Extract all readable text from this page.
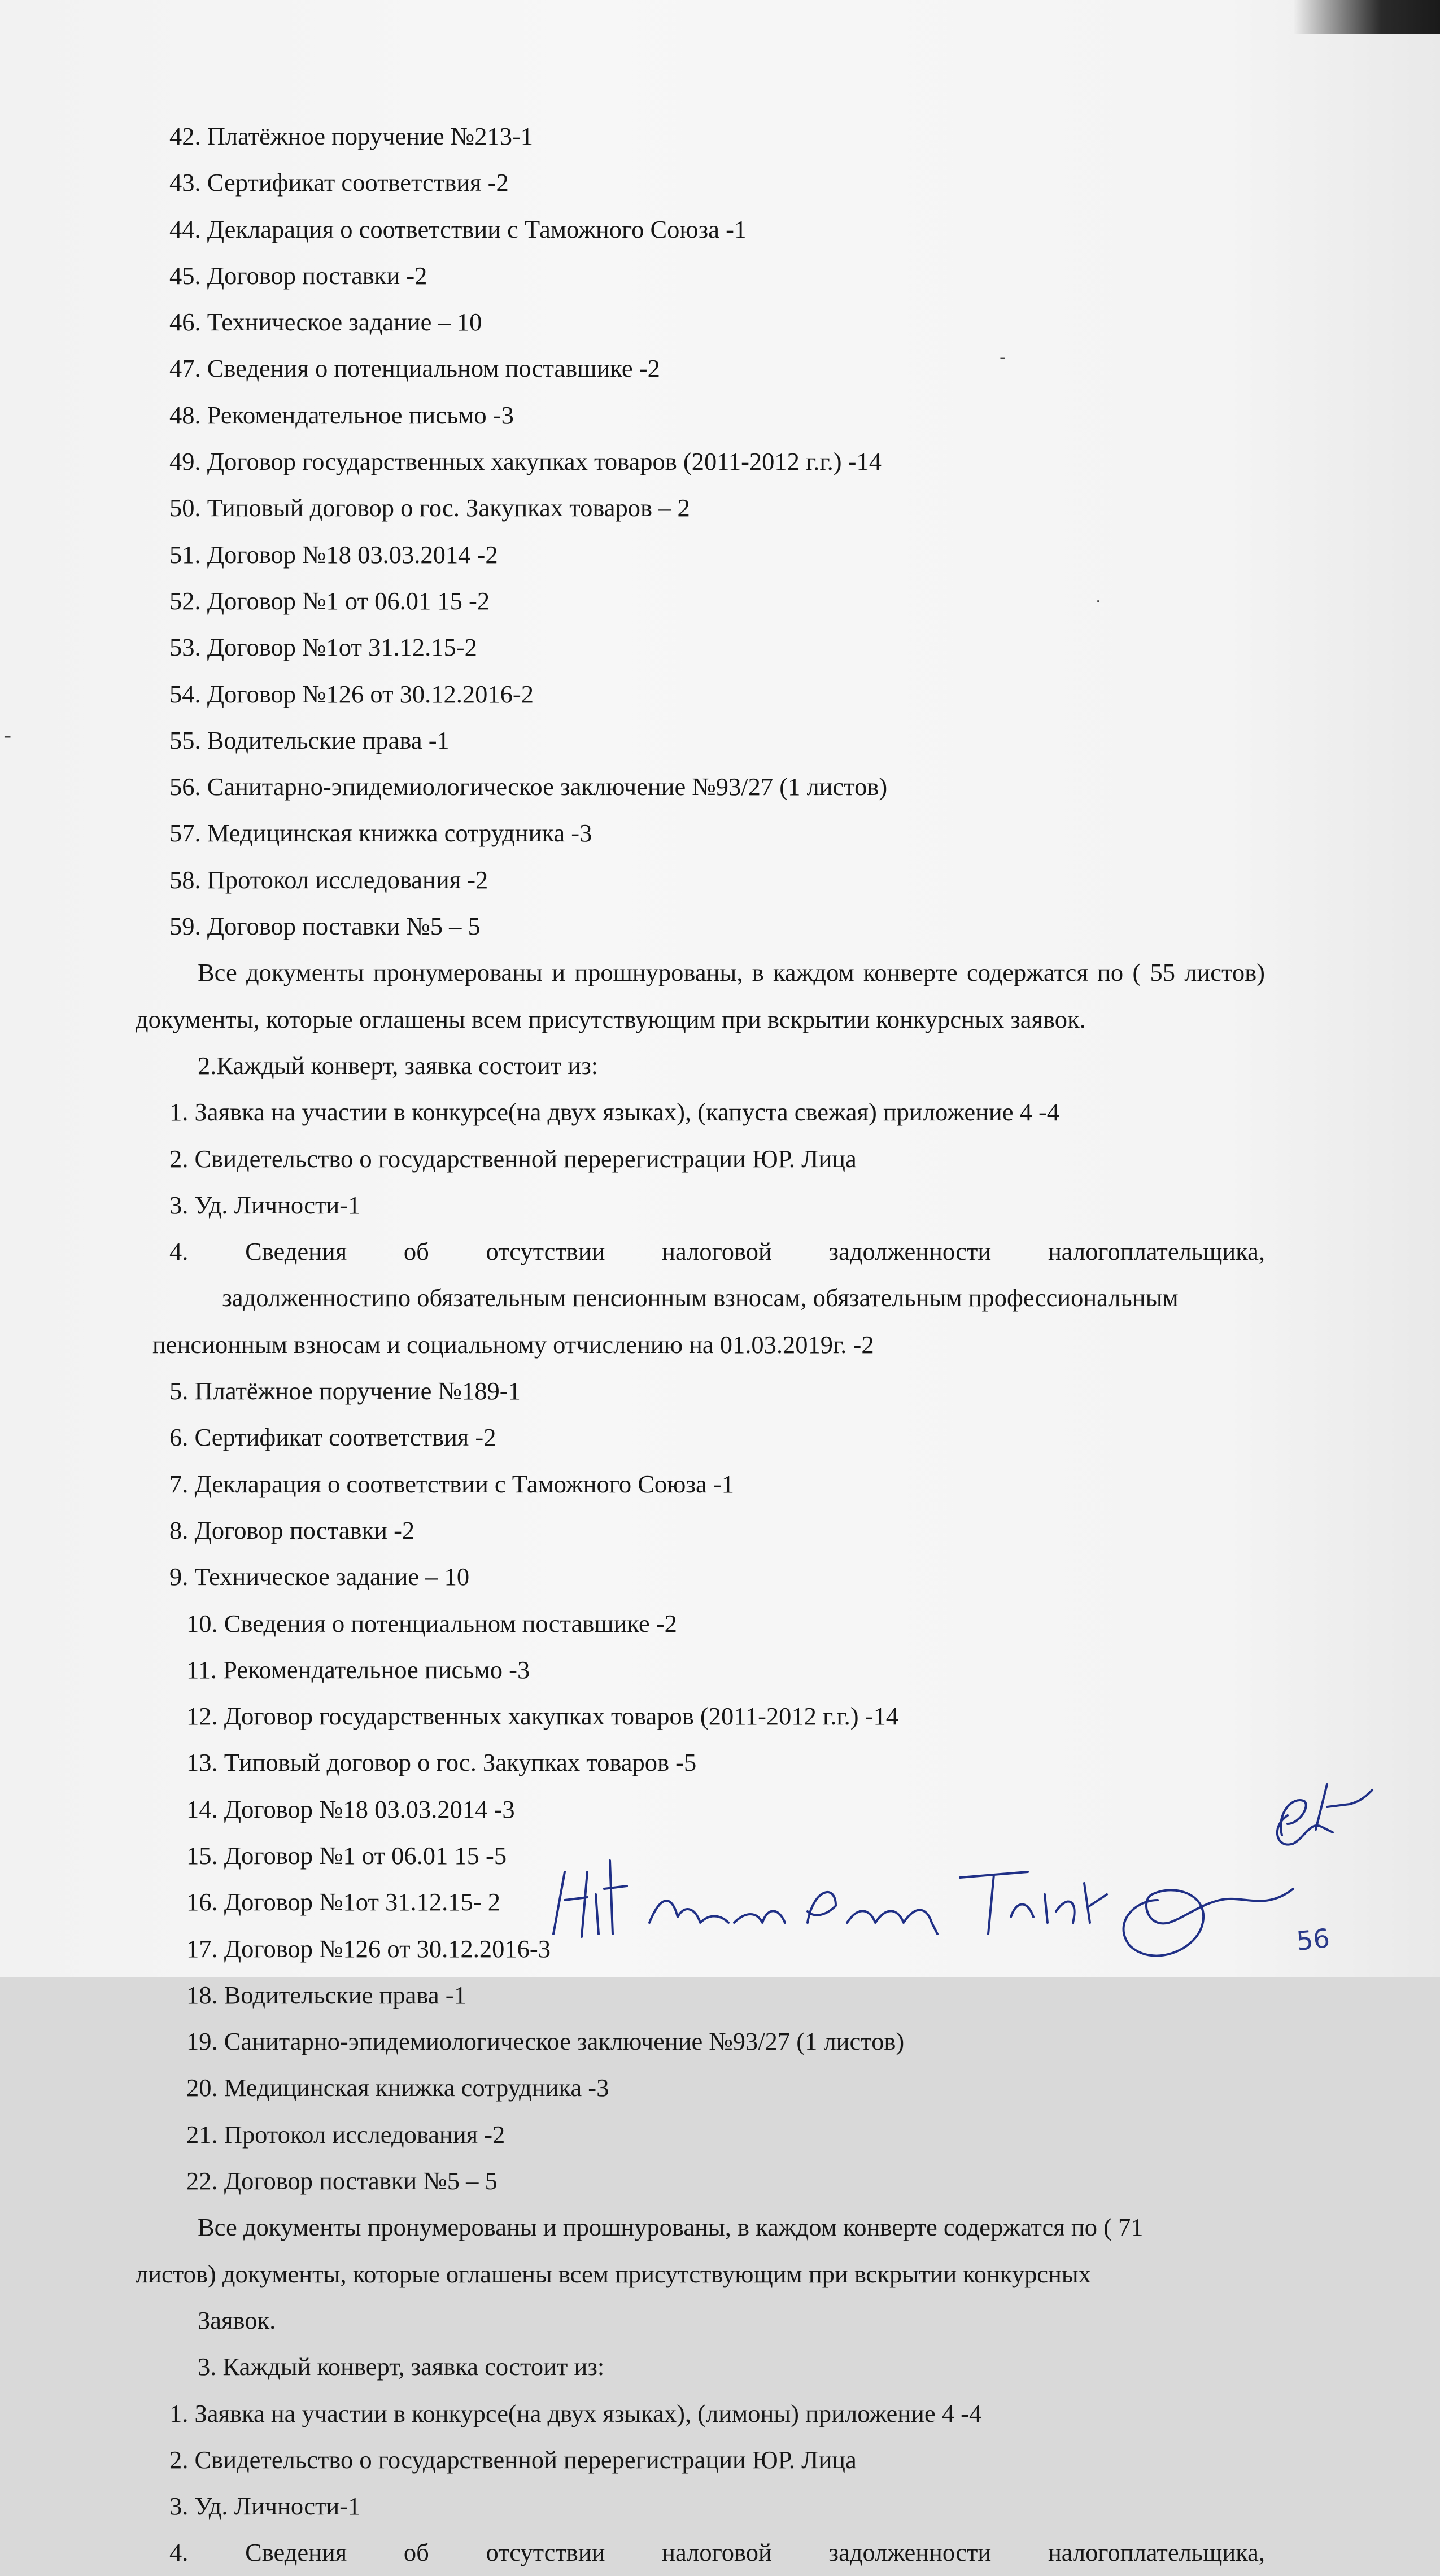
42. Платёжное поручение №213-1
43. Сертификат соответствия -2
44. Декларация о соответствии с Таможного Союза -1
45. Договор поставки -2
46. Техническое задание – 10
47. Сведения о потенциальном поставшике -2
48. Рекомендательное письмо -3
49. Договор государственных хакупках товаров (2011-2012 г.г.) -14
50. Типовый договор о гос. Закупках товаров – 2
51. Договор №18 03.03.2014 -2
52. Договор №1 от 06.01 15 -2
53. Договор №1от 31.12.15-2
54. Договор №126 от 30.12.2016-2
55. Водительские права -1
56. Санитарно-эпидемиологическое заключение №93/27 (1 листов)
57. Медицинская книжка сотрудника -3
58. Протокол исследования -2
59. Договор поставки №5 – 5
Все документы пронумерованы и прошнурованы, в каждом конверте содержатся по ( 55 листов) документы, которые оглашены всем присутствующим при вскрытии конкурсных заявок.
2.Каждый конверт, заявка состоит из:
1. Заявка на участии в конкурсе(на двух языках), (капуста свежая) приложение 4 -4
2. Свидетельство о государственной перерегистрации ЮР. Лица
3. Уд. Личности-1
4. Сведения об отсутствии налоговой задолженности налогоплательщика,
задолженностипо обязательным пенсионным взносам, обязательным профессиональным
пенсионным взносам и социальному отчислению на 01.03.2019г. -2
5. Платёжное поручение №189-1
6. Сертификат соответствия -2
7. Декларация о соответствии с Таможного Союза -1
8. Договор поставки -2
9. Техническое задание – 10
10. Сведения о потенциальном поставшике -2
11. Рекомендательное письмо -3
12. Договор государственных хакупках товаров (2011-2012 г.г.) -14
13. Типовый договор о гос. Закупках товаров -5
14. Договор №18 03.03.2014 -3
15. Договор №1 от 06.01 15 -5
16. Договор №1от 31.12.15- 2
17. Договор №126 от 30.12.2016-3
18. Водительские права -1
19. Санитарно-эпидемиологическое заключение №93/27 (1 листов)
20. Медицинская книжка сотрудника -3
21. Протокол исследования -2
22. Договор поставки №5 – 5
Все документы пронумерованы и прошнурованы, в каждом конверте содержатся по ( 71
листов) документы, которые оглашены всем присутствующим при вскрытии конкурсных
Заявок.
3. Каждый конверт, заявка состоит из:
1. Заявка на участии в конкурсе(на двух языках), (лимоны) приложение 4 -4
2. Свидетельство о государственной перерегистрации ЮР. Лица
3. Уд. Личности-1
4. Сведения об отсутствии налоговой задолженности налогоплательщика,
56
-
.
-
